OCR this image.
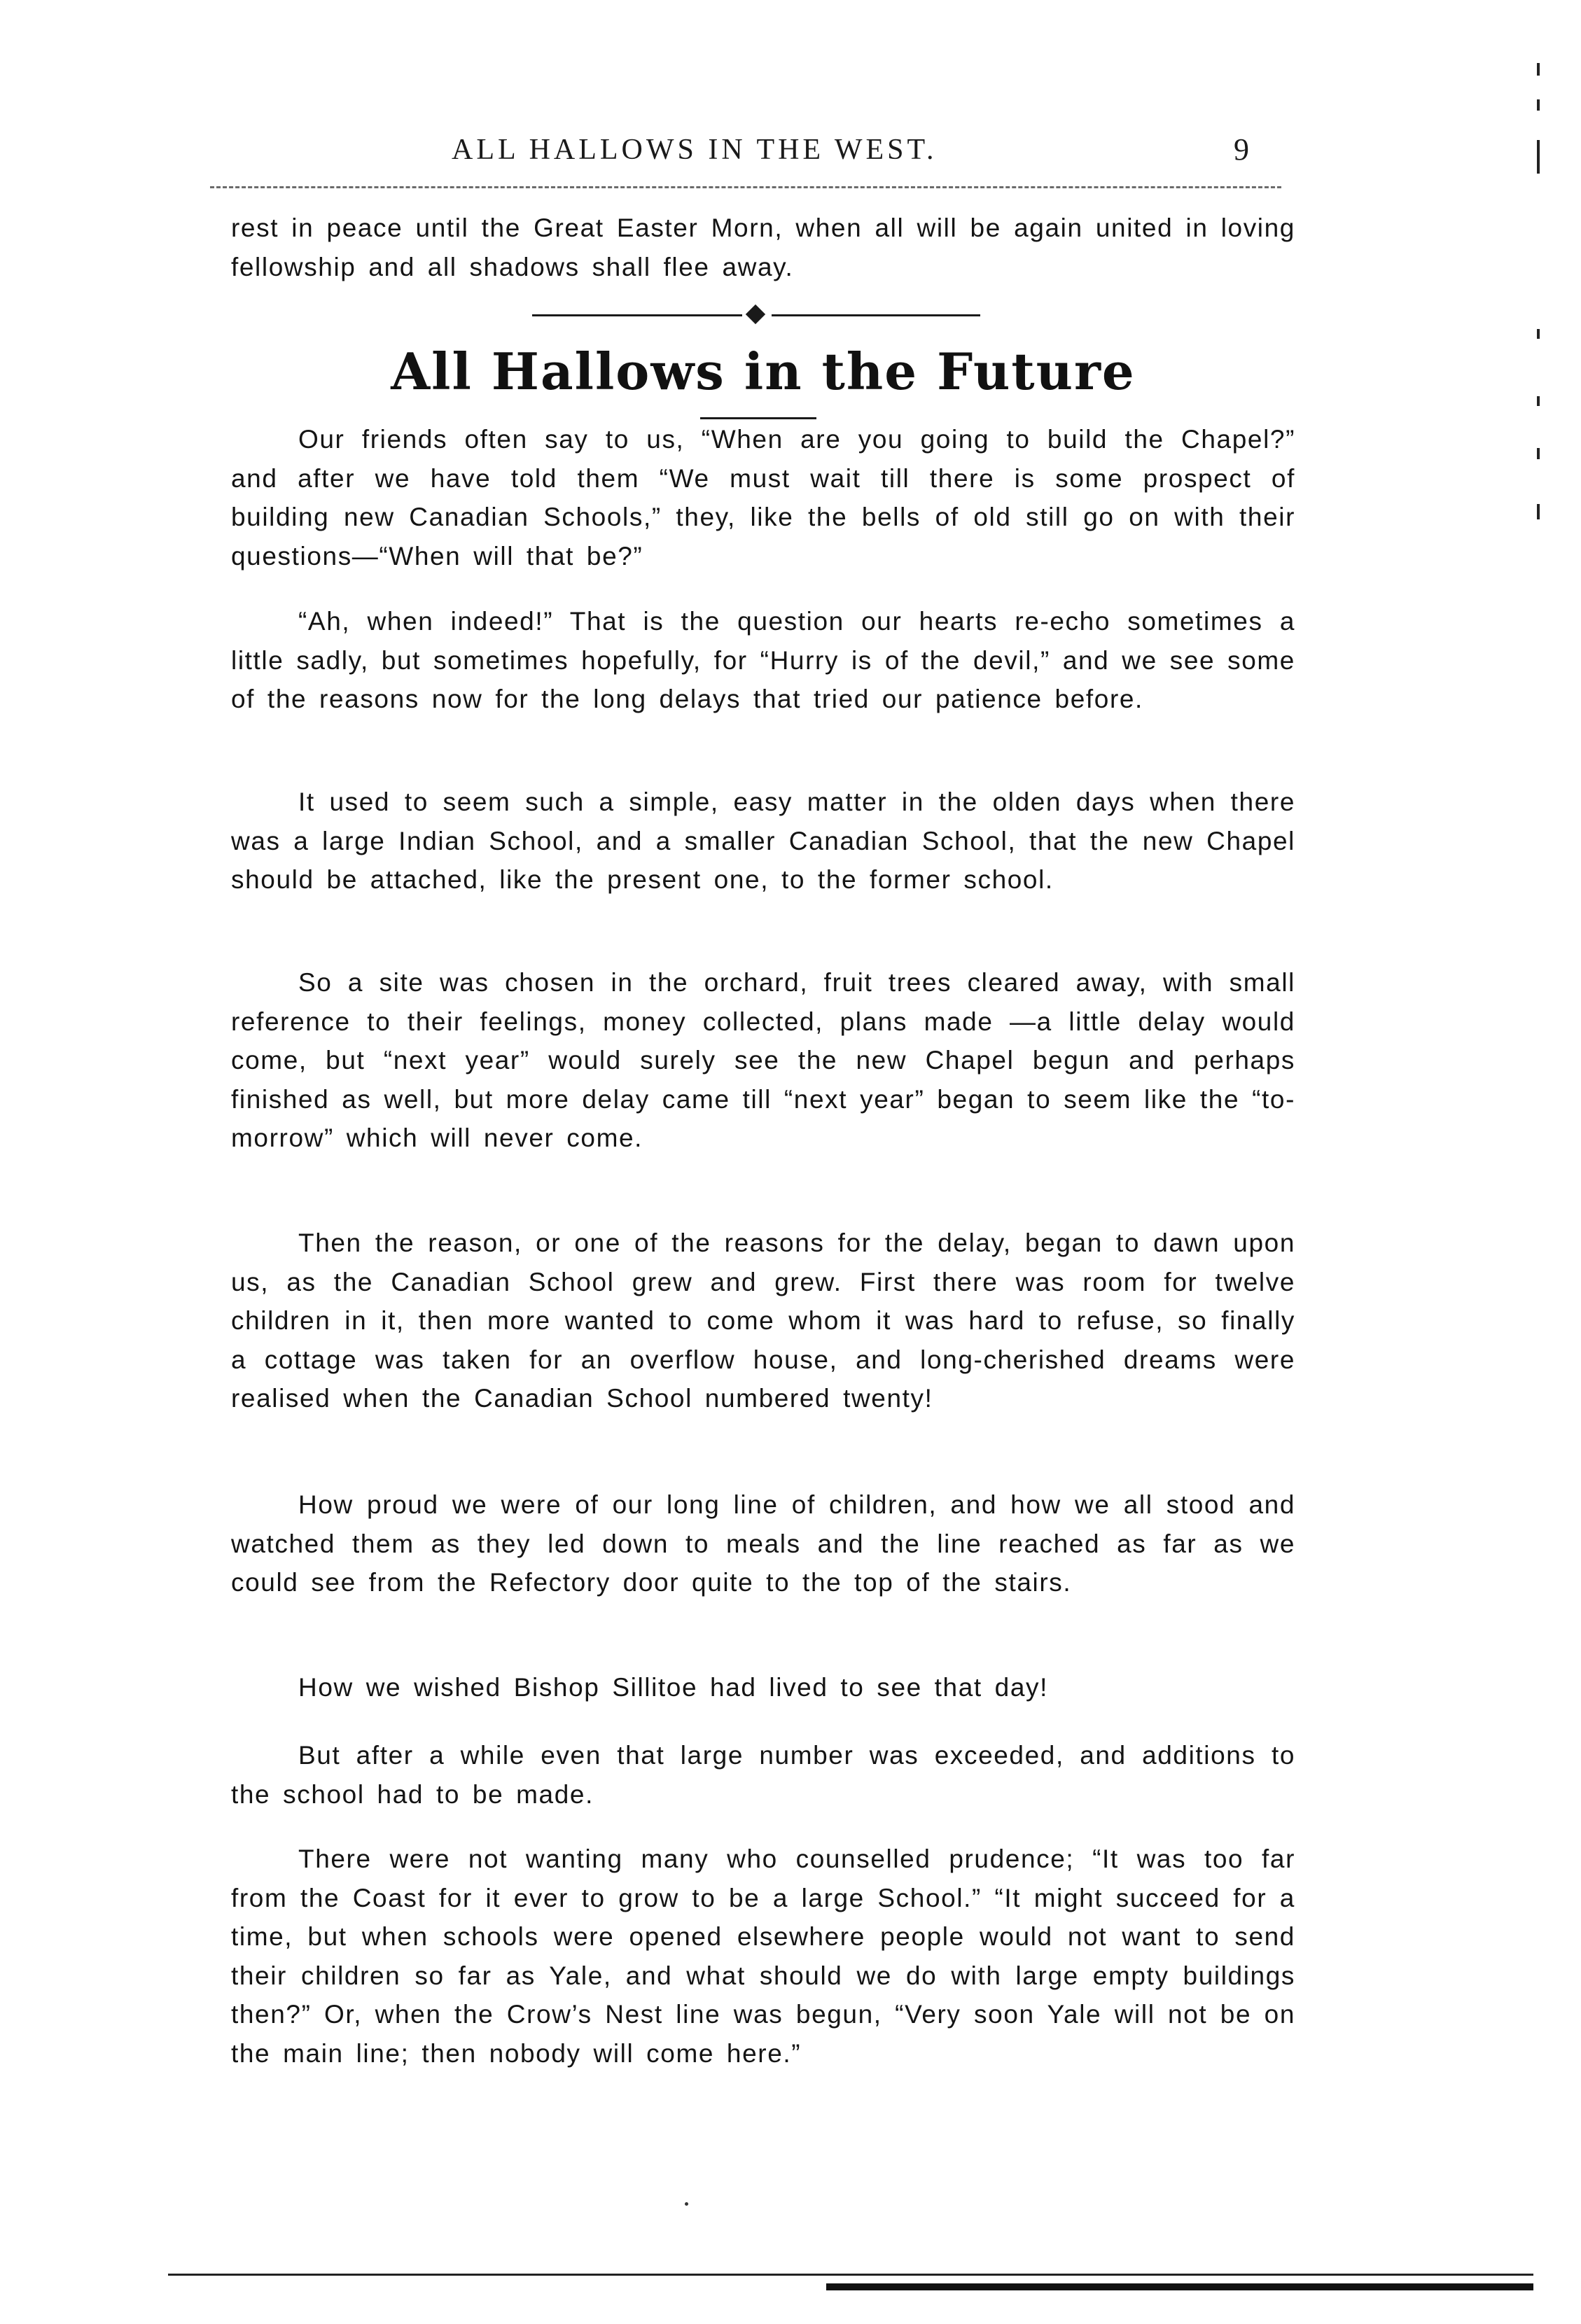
ALL HALLOWS IN THE WEST.	9

rest in peace until the Great Easter Morn, when all will be again united in loving fellowship and all shadows shall flee away.

All Hallows in the Future

Our friends often say to us, “When are you going to build the Chapel?” and after we have told them “We must wait till there is some prospect of building new Canadian Schools,” they, like the bells of old still go on with their questions—“When will that be?”

“Ah, when indeed!” That is the question our hearts re-echo sometimes a little sadly, but sometimes hopefully, for “Hurry is of the devil,” and we see some of the reasons now for the long delays that tried our patience before.

It used to seem such a simple, easy matter in the olden days when there was a large Indian School, and a smaller Canadian School, that the new Chapel should be attached, like the present one, to the former school.

So a site was chosen in the orchard, fruit trees cleared away, with small reference to their feelings, money collected, plans made —a little delay would come, but “next year” would surely see the new Chapel begun and perhaps finished as well, but more delay came till “next year” began to seem like the “to-morrow” which will never come.

Then the reason, or one of the reasons for the delay, began to dawn upon us, as the Canadian School grew and grew. First there was room for twelve children in it, then more wanted to come whom it was hard to refuse, so finally a cottage was taken for an overflow house, and long-cherished dreams were realised when the Canadian School numbered twenty!

How proud we were of our long line of children, and how we all stood and watched them as they led down to meals and the line reached as far as we could see from the Refectory door quite to the top of the stairs.

How we wished Bishop Sillitoe had lived to see that day!

But after a while even that large number was exceeded, and additions to the school had to be made.

There were not wanting many who counselled prudence; “It was too far from the Coast for it ever to grow to be a large School.” “It might succeed for a time, but when schools were opened elsewhere people would not want to send their children so far as Yale, and what should we do with large empty buildings then?” Or, when the Crow’s Nest line was begun, “Very soon Yale will not be on the main line; then nobody will come here.”
